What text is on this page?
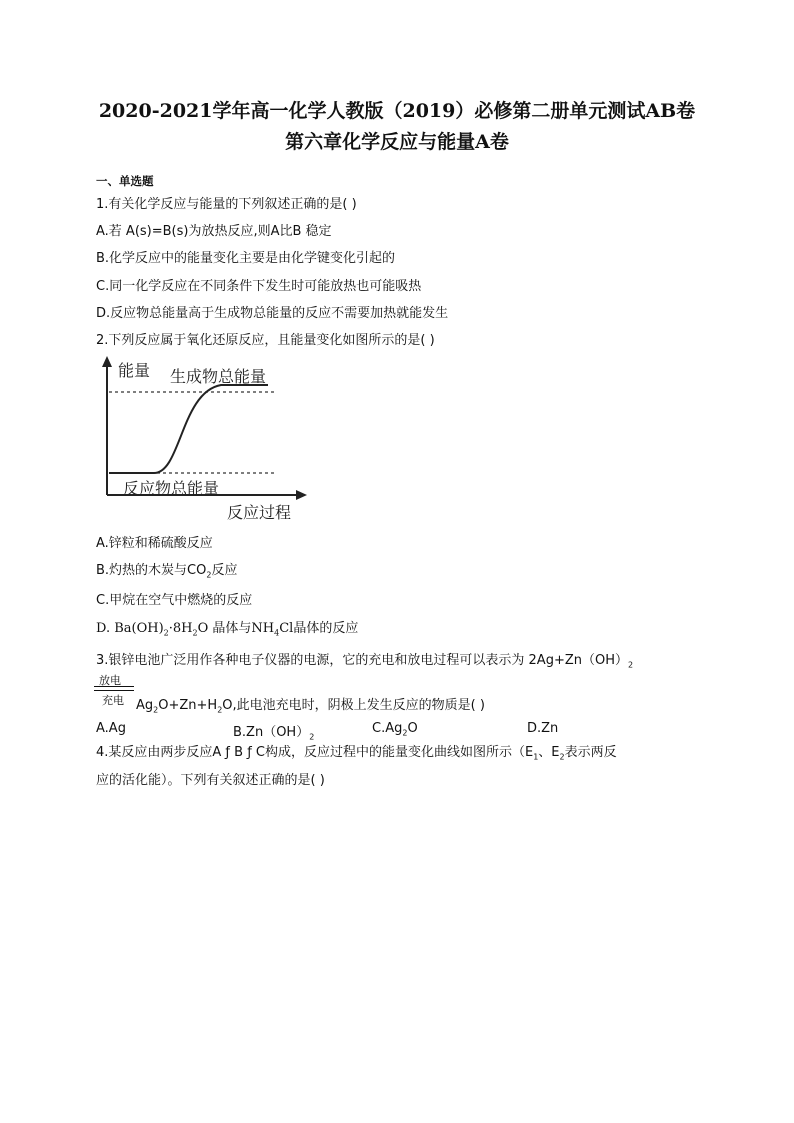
2020-2021学年高一化学人教版（2019）必修第二册单元测试AB卷
第六章化学反应与能量A卷
一、单选题
1.有关化学反应与能量的下列叙述正确的是( )
A.若 A(s)=B(s)为放热反应,则A比B 稳定
B.化学反应中的能量变化主要是由化学键变化引起的
C.同一化学反应在不同条件下发生时可能放热也可能吸热
D.反应物总能量高于生成物总能量的反应不需要加热就能发生
2.下列反应属于氧化还原反应，且能量变化如图所示的是( )
能量 生成物总能量
反应物总能量
反应过程
A.锌粒和稀硫酸反应
B.灼热的木炭与$CO_2$反应
C.甲烷在空气中燃烧的反应
D. $Ba(OH)_2\cdot 8H_2O$ 晶体与$NH_4Cl$晶体的反应
3.银锌电池广泛用作各种电子仪器的电源，它的充电和放电过程可以表示为 $2Ag+Zn(OH)_2$
放电
充电 $Ag_2O+Zn+H_2O$,此电池充电时，阴极上发生反应的物质是( )
A.Ag	$B.Zn(OH)_2$
$C.Ag_2O$	D.Zn
4.某反应由两步反应A ƒ B ƒ C构成，反应过程中的能量变化曲线如图所示（$E_1$、$E_2$表示两反
应的活化能）。下列有关叙述正确的是( )
